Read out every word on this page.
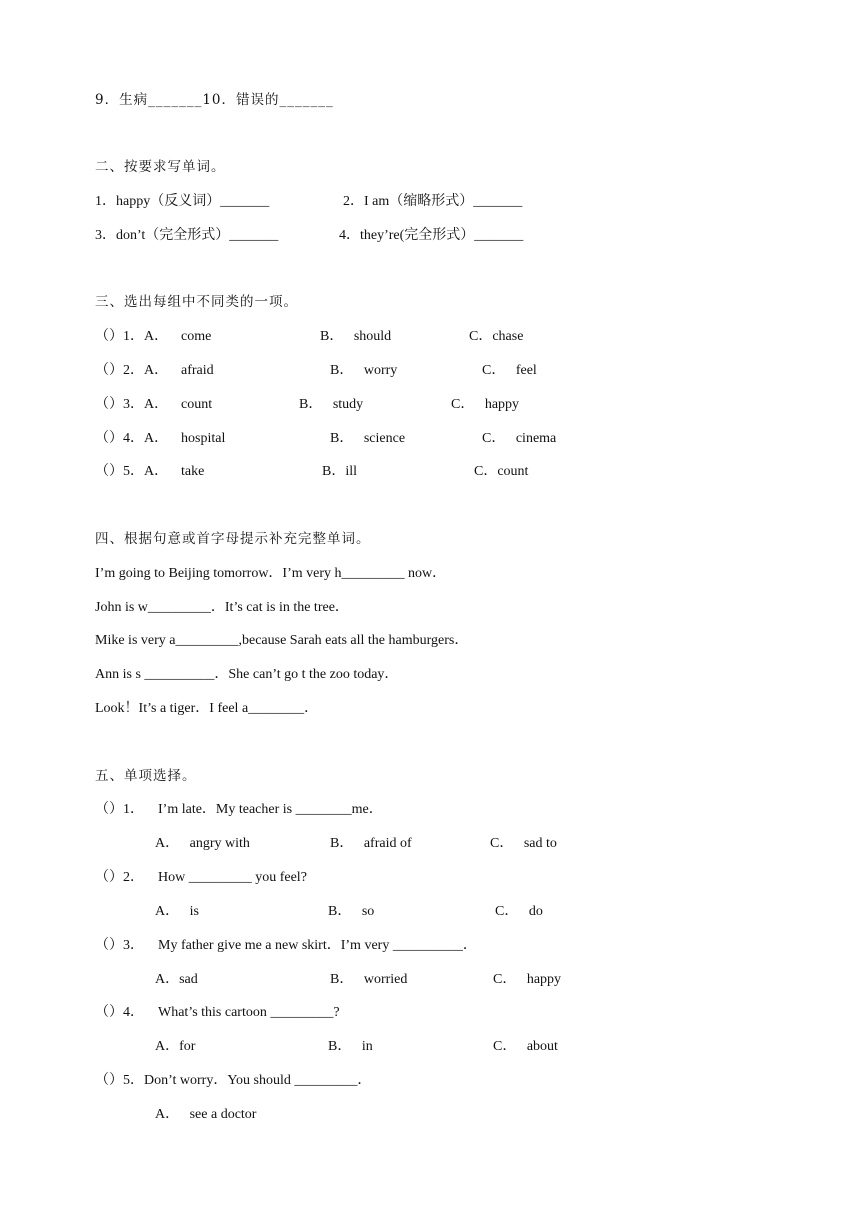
9．生病_______10．错误的_______
二、按要求写单词。
1．happy（反义词）_______	2．I am（缩略形式）_______
3．don’t（完全形式）_______	4．they’re(完全形式）_______
三、选出每组中不同类的一项。
（）1．A． come	B．   should	C．chase
（）2．A． afraid	B．   worry	C．   feel
（）3．A． count	B．   study	C．   happy
（）4．A． hospital	B．   science	C．   cinema
（）5．A． take	B．ill	C．count
四、根据句意或首字母提示补充完整单词。
I’m going to Beijing tomorrow．I’m very h_________ now．
John is w_________．It’s cat is in the tree．
Mike is very a_________,because Sarah eats all the hamburgers．
Ann is s __________．She can’t go t the zoo today．
Look！It’s a tiger．I feel a________．
五、单项选择。
（）1．    I’m late．My teacher is ________me．
A．   angry with	B．   afraid of	C．   sad to
（）2．    How _________ you feel?
A．   is	B．   so	C．   do
（）3．    My father give me a new skirt．I’m very __________．
A．sad	B．   worried	C．   happy
（）4．    What’s this cartoon _________?
A．for	B．   in	C．   about
（）5．Don’t worry．You should _________．
A．   see a doctor
